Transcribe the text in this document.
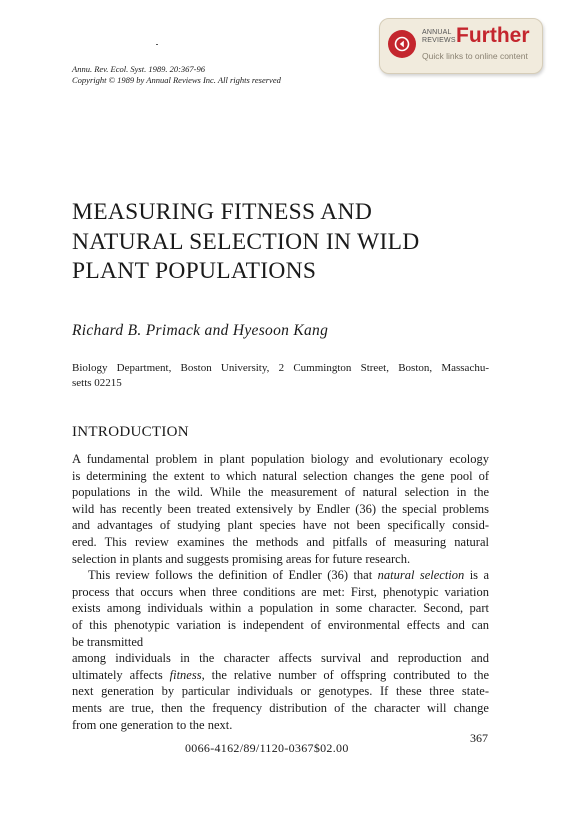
ANNUAL
REVIEWS Further
Quick links to online content
Annu. Rev. Ecol. Syst. 1989. 20:367-96
Copyright © 1989 by Annual Reviews Inc. All rights reserved
MEASURING FITNESS AND
NATURAL SELECTION IN WILD
PLANT POPULATIONS
Richard B. Primack and Hyesoon Kang
Biology Department, Boston University, 2 Cummington Street, Boston, Massachu-
setts 02215
INTRODUCTION
A fundamental problem in plant population biology and evolutionary ecology
is determining the extent to which natural selection changes the gene pool of
populations in the wild. While the measurement of natural selection in the
wild has recently been treated extensively by Endler (36) the special problems
and advantages of studying plant species have not been specifically consid-
ered. This review examines the methods and pitfalls of measuring natural
selection in plants and suggests promising areas for future research.
This review follows the definition of Endler (36) that natural selection is a
process that occurs when three conditions are met: First, phenotypic variation
exists among individuals within a population in some character. Second, part
of this phenotypic variation is independent of environmental effects and can
be transmitted
among individuals in the character affects survival and reproduction and
ultimately affects fitness, the relative number of offspring contributed to the
next generation by particular individuals or genotypes. If these three state-
ments are true, then the frequency distribution of the character will change
from one generation to the next.
367
0066-4162/89/1120-0367$02.00
